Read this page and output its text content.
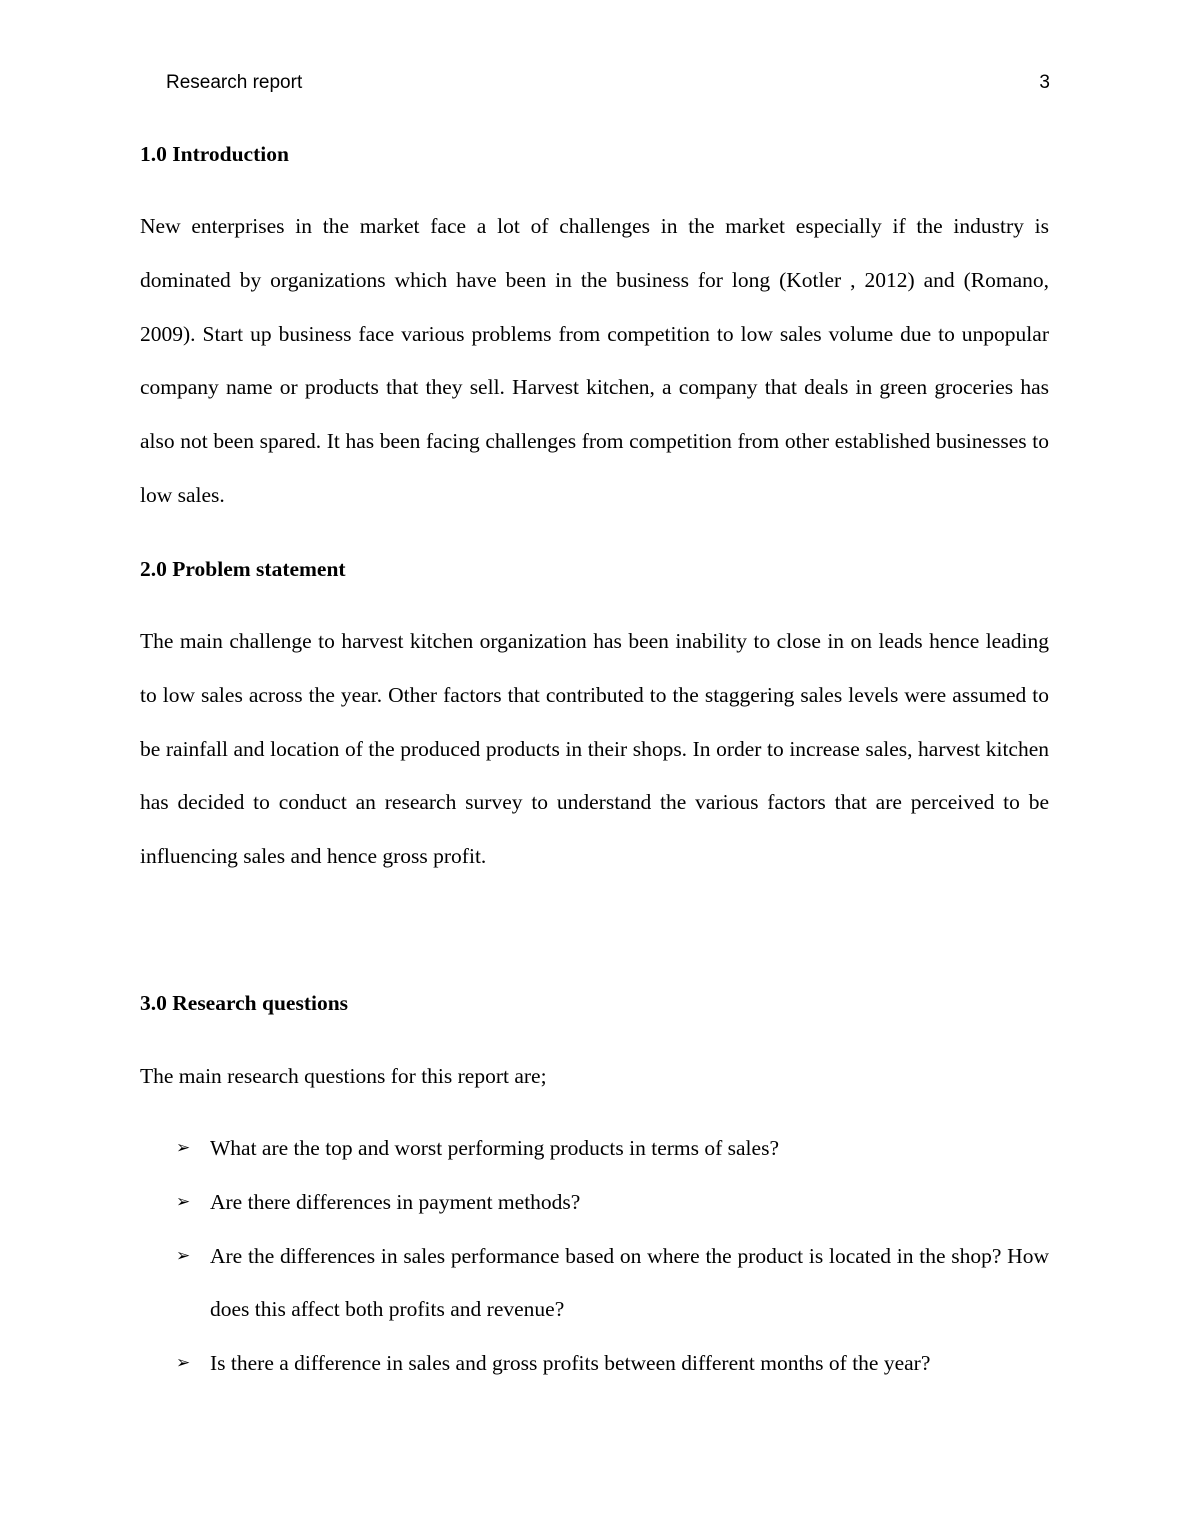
Research report	3
1.0 Introduction

New enterprises in the market face a lot of challenges in the market especially if the industry is dominated by organizations which have been in the business for long (Kotler , 2012) and (Romano, 2009). Start up business face various problems from competition to low sales volume due to unpopular company name or products that they sell. Harvest kitchen, a company that deals in green groceries has also not been spared. It has been facing challenges from competition from other established businesses to low sales.

2.0 Problem statement

The main challenge to harvest kitchen organization has been inability to close in on leads hence leading to low sales across the year. Other factors that contributed to the staggering sales levels were assumed to be rainfall and location of the produced products in their shops. In order to increase sales, harvest kitchen has decided to conduct an research survey to understand the various factors that are perceived to be influencing sales and hence gross profit.

3.0 Research questions

The main research questions for this report are;

➢ What are the top and worst performing products in terms of sales?
➢ Are there differences in payment methods?
➢ Are the differences in sales performance based on where the product is located in the shop? How does this affect both profits and revenue?
➢ Is there a difference in sales and gross profits between different months of the year?
